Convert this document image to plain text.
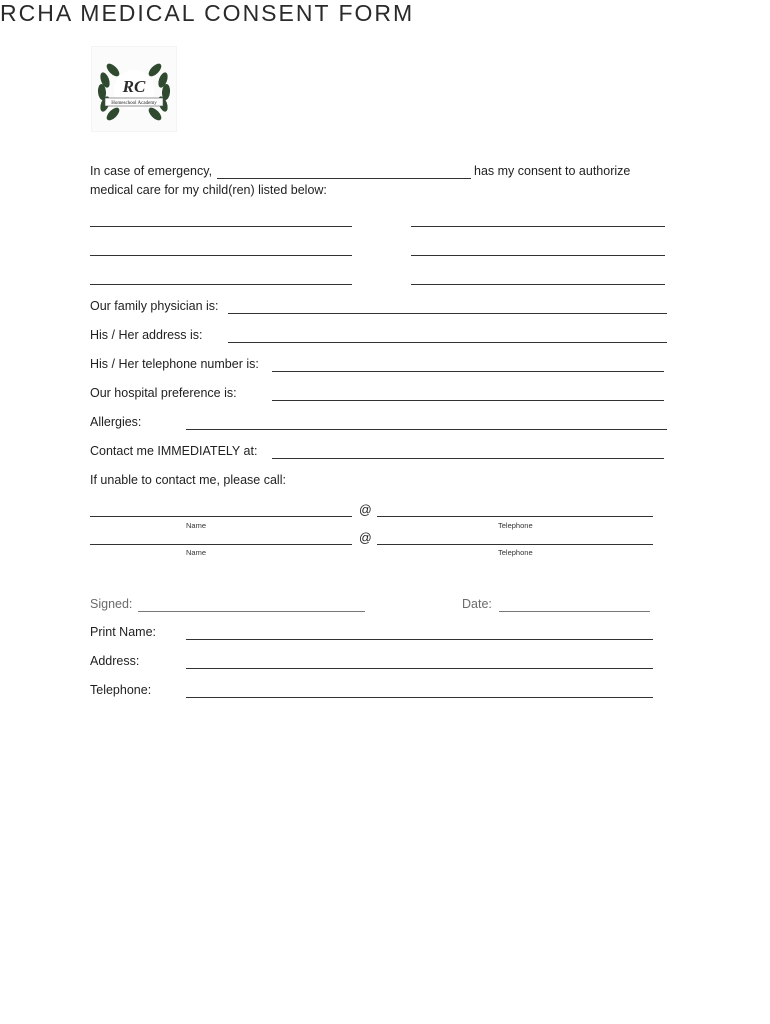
RC
Homeschool Academy
RCHA MEDICAL CONSENT FORM
In case of emergency,	has my consent to authorize
medical care for my child(ren) listed below:
Our family physician is:
His / Her address is:
His / Her telephone number is:
Our hospital preference is:
Allergies:
Contact me IMMEDIATELY at:
If unable to contact me, please call:
@
Name	Telephone
@
Name	Telephone
Signed:	Date:
Print Name:
Address:
Telephone:
